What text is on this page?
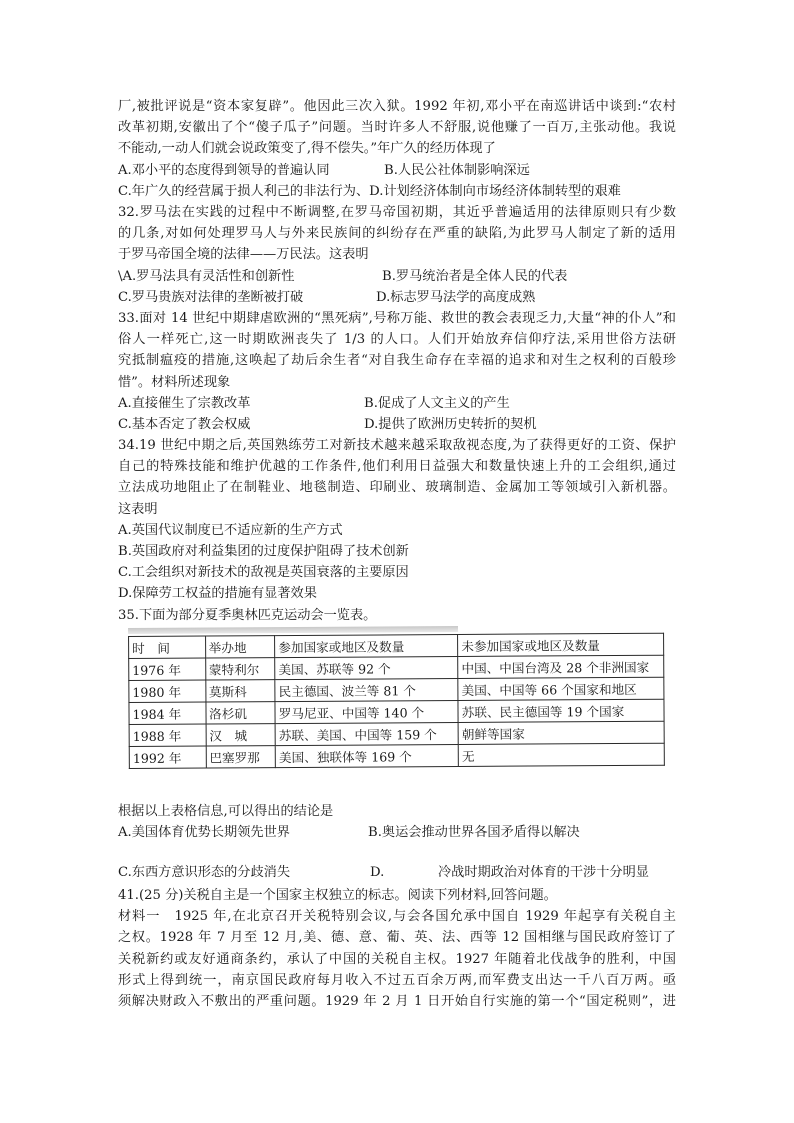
厂,被批评说是“资本家复辟”。他因此三次入狱。1992 年初,邓小平在南巡讲话中谈到:“农村
改革初期,安徽出了个“傻子瓜子”问题。当时许多人不舒服,说他赚了一百万,主张动他。我说
不能动,一动人们就会说政策变了,得不偿失。”年广久的经历体现了
A.邓小平的态度得到领导的普遍认同	B.人民公社体制影响深远
C.年广久的经营属于损人利己的非法行为、D.计划经济体制向市场经济体制转型的艰难
32.罗马法在实践的过程中不断调整,在罗马帝国初期，其近乎普遍适用的法律原则只有少数
的几条,对如何处理罗马人与外来民族间的纠纷存在严重的缺陷,为此罗马人制定了新的适用
于罗马帝国全境的法律——万民法。这表明
\A.罗马法具有灵活性和创新性	B.罗马统治者是全体人民的代表
C.罗马贵族对法律的垄断被打破	D.标志罗马法学的高度成熟
33.面对 14 世纪中期肆虐欧洲的“黑死病”,号称万能、救世的教会表现乏力,大量“神的仆人”和
俗人一样死亡,这一时期欧洲丧失了 1/3 的人口。人们开始放弃信仰疗法,采用世俗方法研
究抵制瘟疫的措施,这唤起了劫后余生者“对自我生命存在幸福的追求和对生之权利的百般珍
惜”。材料所述现象
A.直接催生了宗教改革	B.促成了人文主义的产生
C.基本否定了教会权威	D.提供了欧洲历史转折的契机
34.19 世纪中期之后,英国熟练劳工对新技术越来越采取敌视态度,为了获得更好的工资、保护
自己的特殊技能和维护优越的工作条件,他们利用日益强大和数量快速上升的工会组织,通过
立法成功地阻止了在制鞋业、地毯制造、印刷业、玻璃制造、金属加工等领域引入新机器。
这表明
A.英国代议制度已不适应新的生产方式
B.英国政府对利益集团的过度保护阻碍了技术创新
C.工会组织对新技术的敌视是英国衰落的主要原因
D.保障劳工权益的措施有显著效果
35.下面为部分夏季奥林匹克运动会一览表。
时　间	举办地	参加国家或地区及数量	未参加国家或地区及数量
1976 年	蒙特利尔	美国、苏联等 92 个	中国、中国台湾及 28 个非洲国家
1980 年	莫斯科	民主德国、波兰等 81 个	美国、中国等 66 个国家和地区
1984 年	洛杉矶	罗马尼亚、中国等 140 个	苏联、民主德国等 19 个国家
1988 年	汉　城	苏联、美国、中国等 159 个	朝鲜等国家
1992 年	巴塞罗那	美国、独联体等 169 个	无
根据以上表格信息,可以得出的结论是
A.美国体育优势长期领先世界	B.奥运会推动世界各国矛盾得以解决
C.东西方意识形态的分歧消失	D.	冷战时期政治对体育的干涉十分明显
41.(25 分)关税自主是一个国家主权独立的标志。阅读下列材料,回答问题。
材料一　1925 年,在北京召开关税特别会议,与会各国允承中国自 1929 年起享有关税自主
之权。1928 年 7 月至 12 月,美、德、意、葡、英、法、西等 12 国相继与国民政府签订了
关税新约或友好通商条约，承认了中国的关税自主权。1927 年随着北伐战争的胜利，中国
形式上得到统一，南京国民政府每月收入不过五百余万两,而军费支出达一千八百万两。亟
须解决财政入不敷出的严重问题。1929 年 2 月 1 日开始自行实施的第一个“国定税则”，进
